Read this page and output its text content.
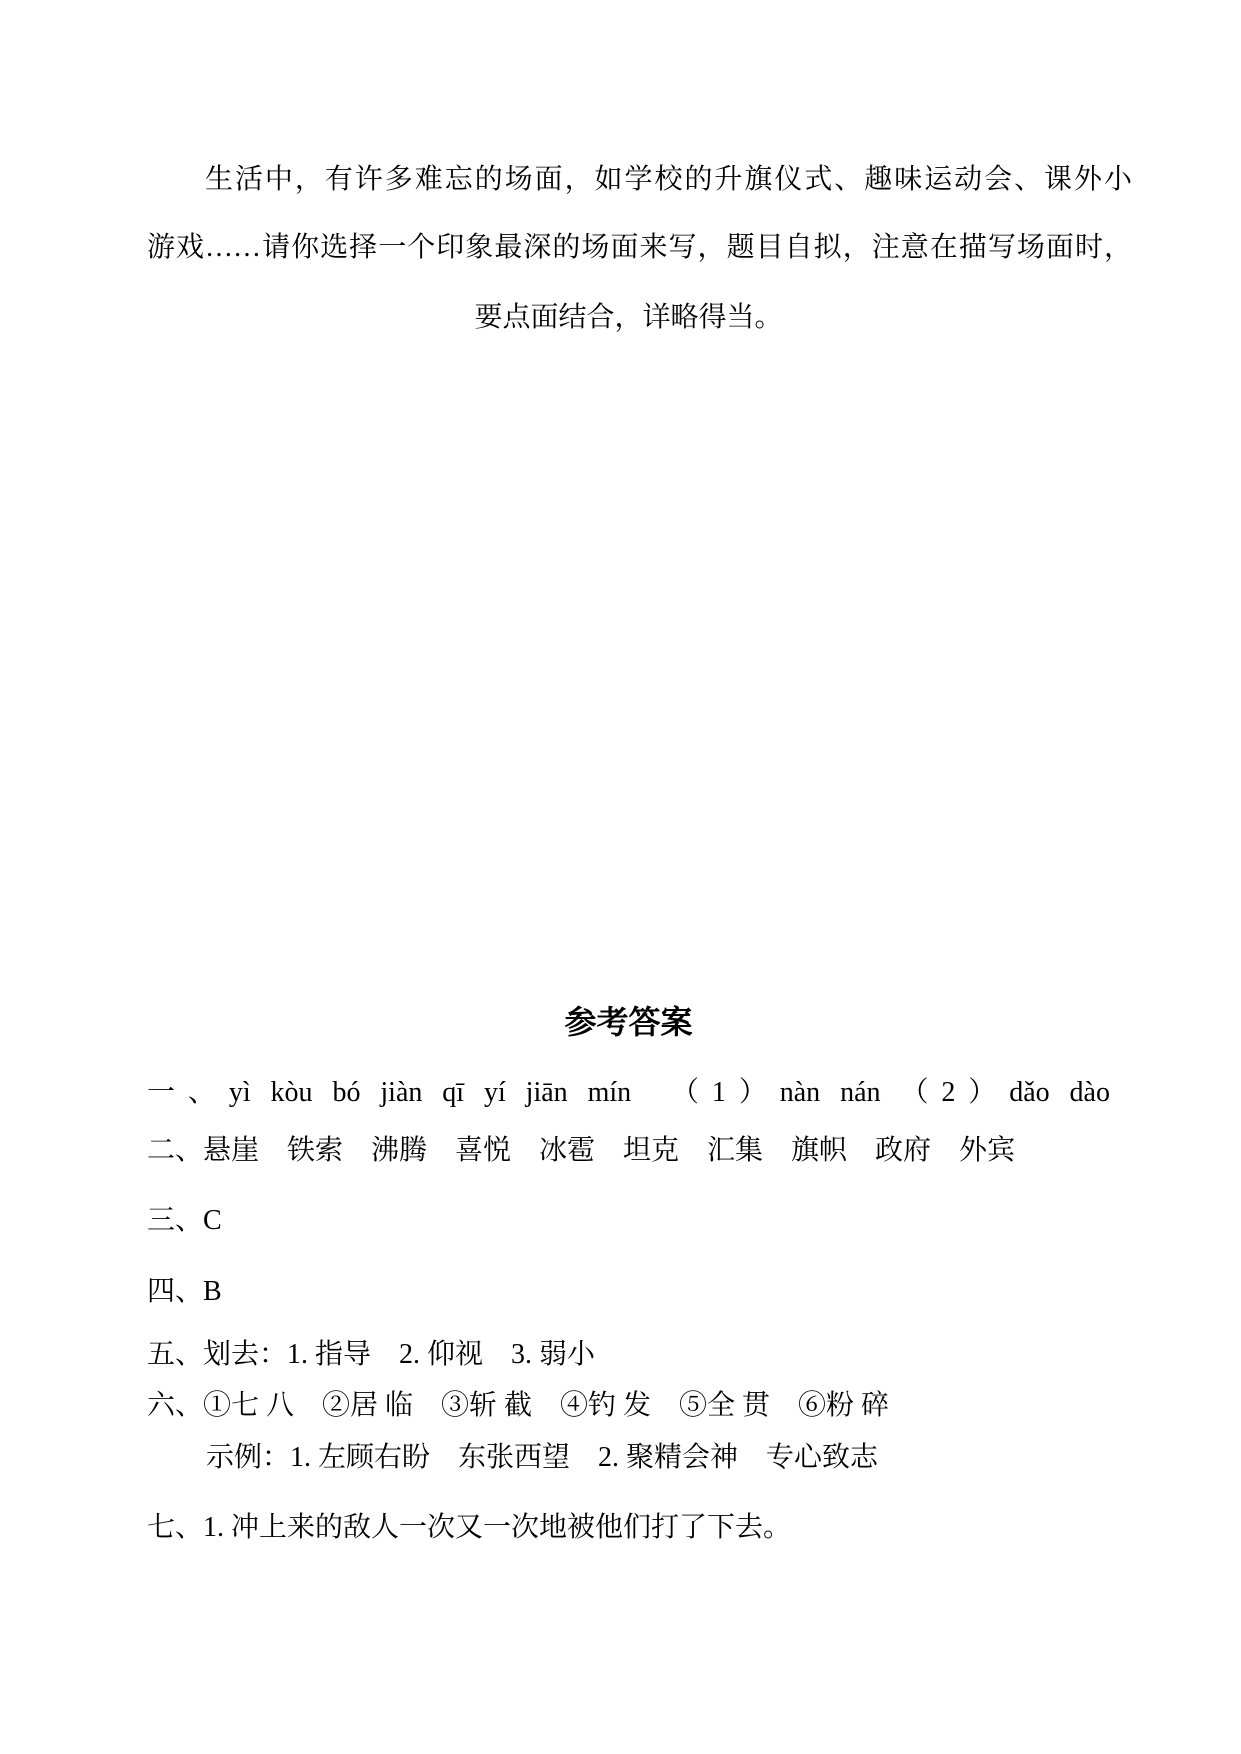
生活中，有许多难忘的场面，如学校的升旗仪式、趣味运动会、课外小
游戏……请你选择一个印象最深的场面来写，题目自拟，注意在描写场面时，
要点面结合，详略得当。
参考答案
一、yì kòu bó jiàn qī yí jiān mín　（1）nàn nán （2）dǎo dào
二、悬崖　铁索　沸腾　喜悦　冰雹　坦克　汇集　旗帜　政府　外宾
三、C
四、B
五、划去：1. 指导　2. 仰视　3. 弱小
六、①七 八　②居 临　③斩 截　④钓 发　⑤全 贯　⑥粉 碎
示例：1. 左顾右盼　东张西望　2. 聚精会神　专心致志
七、1. 冲上来的敌人一次又一次地被他们打了下去。
